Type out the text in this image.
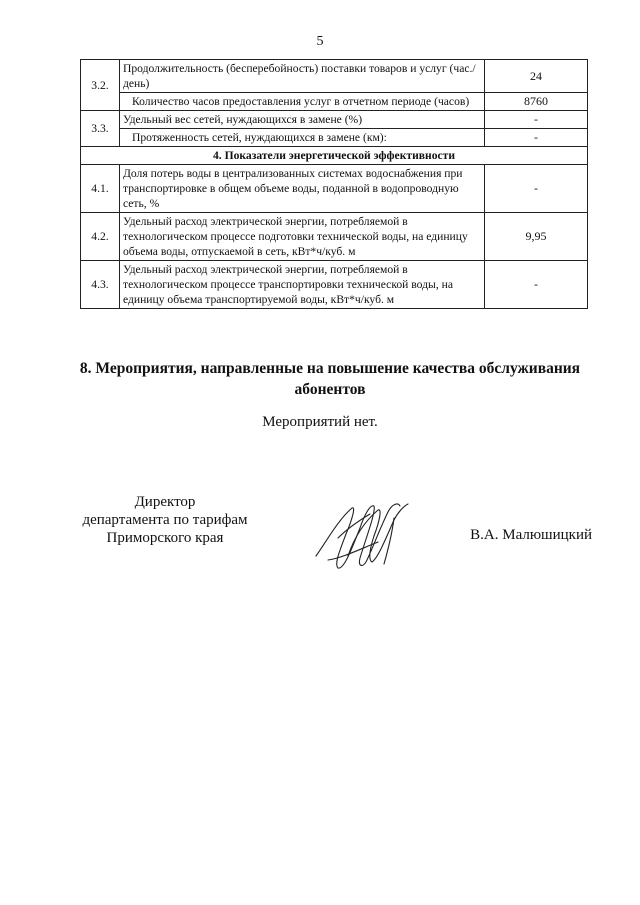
5
3.2.	Продолжительность (бесперебойность) поставки товаров и услуг (час./день)	24
	Количество часов предоставления услуг в отчетном периоде (часов)	8760
3.3.	Удельный вес сетей, нуждающихся в замене (%)	-
	Протяженность сетей, нуждающихся в замене (км):	-
4. Показатели энергетической эффективности		
4.1.	Доля потерь воды в централизованных системах водоснабжения при транспортировке в общем объеме воды, поданной в водопроводную сеть, %	-
4.2.	Удельный расход электрической энергии, потребляемой в технологическом процессе подготовки технической воды, на единицу объема воды, отпускаемой в сеть, кВт*ч/куб. м	9,95
4.3.	Удельный расход электрической энергии, потребляемой в технологическом процессе транспортировки технической воды, на единицу объема транспортируемой воды, кВт*ч/куб. м	-
8. Мероприятия, направленные на повышение качества обслуживания абонентов
Мероприятий нет.
Директор
департамента по тарифам
Приморского края	В.А. Малюшицкий
